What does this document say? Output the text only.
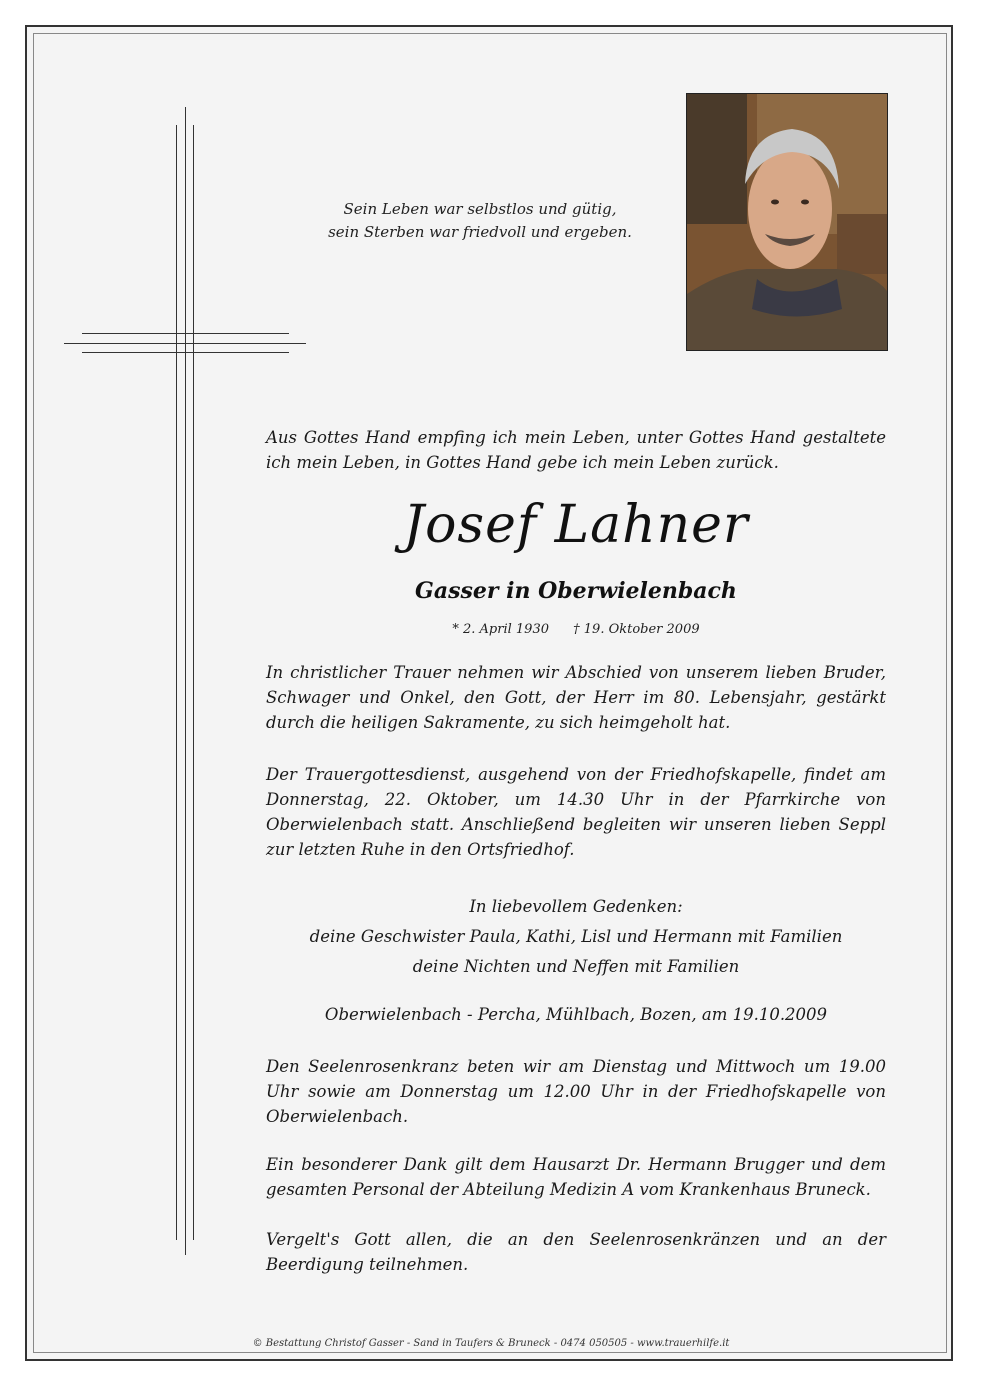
Sein Leben war selbstlos und gütig,
sein Sterben war friedvoll und ergeben.
Aus Gottes Hand empfing ich mein Leben, unter Gottes Hand gestaltete ich mein Leben, in Gottes Hand gebe ich mein Leben zurück.
Josef Lahner
Gasser in Oberwielenbach
* 2. April 1930 † 19. Oktober 2009
In christlicher Trauer nehmen wir Abschied von unserem lieben Bruder, Schwager und Onkel, den Gott, der Herr im 80. Lebensjahr, gestärkt durch die heiligen Sakramente, zu sich heimgeholt hat.
Der Trauergottesdienst, ausgehend von der Friedhofskapelle, findet am Donnerstag, 22. Oktober, um 14.30 Uhr in der Pfarrkirche von Oberwielenbach statt. Anschließend begleiten wir unseren lieben Seppl zur letzten Ruhe in den Ortsfriedhof.
In liebevollem Gedenken:
deine Geschwister Paula, Kathi, Lisl und Hermann mit Familien
deine Nichten und Neffen mit Familien
Oberwielenbach - Percha, Mühlbach, Bozen, am 19.10.2009
Den Seelenrosenkranz beten wir am Dienstag und Mittwoch um 19.00 Uhr sowie am Donnerstag um 12.00 Uhr in der Friedhofskapelle von Oberwielenbach.
Ein besonderer Dank gilt dem Hausarzt Dr. Hermann Brugger und dem gesamten Personal der Abteilung Medizin A vom Krankenhaus Bruneck.
Vergelt's Gott allen, die an den Seelenrosenkränzen und an der Beerdigung teilnehmen.
© Bestattung Christof Gasser - Sand in Taufers & Bruneck - 0474 050505 - www.trauerhilfe.it
